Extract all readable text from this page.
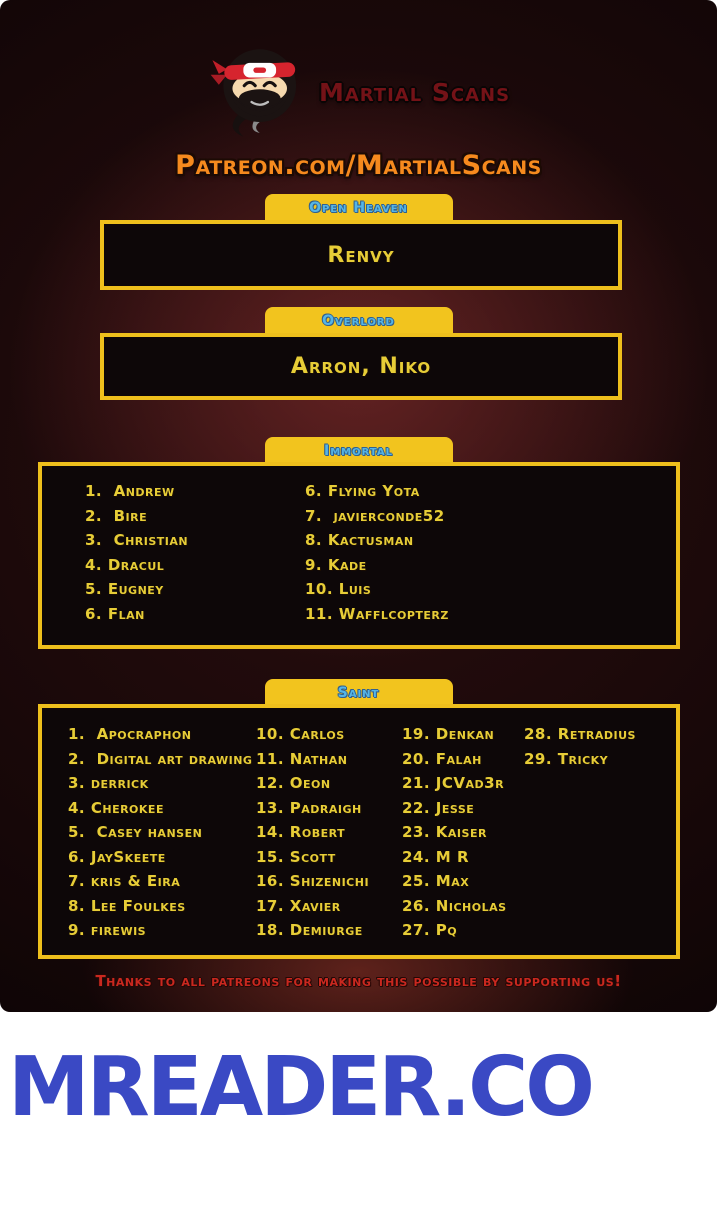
Martial Scans
Patreon.com/MartialScans
Open Heaven
Renvy
Overlord
Arron, Niko
Immortal
1.  Andrew
2.  Bire
3.  Christian
4. Dracul
5. Eugney
6. Flan
6. Flying Yota
7.  javierconde52
8. Kactusman
9. Kade
10. Luis
11. Wafflcopterz
Saint
1.  Apocraphon
2.  Digital art drawing
3. derrick
4. Cherokee
5.  Casey hansen
6. JaySkeete
7. kris & Eira
8. Lee Foulkes
9. firewis
10. Carlos
11. Nathan
12. Oeon
13. Padraigh
14. Robert
15. Scott
16. Shizenichi
17. Xavier
18. Demiurge
19. Denkan
20. Falah
21. JCVad3r
22. Jesse
23. Kaiser
24. M R
25. Max
26. Nicholas
27. Pq
28. Retradius
29. Tricky
Thanks to all patreons for making this possible by supporting us!
MREADER.CO
